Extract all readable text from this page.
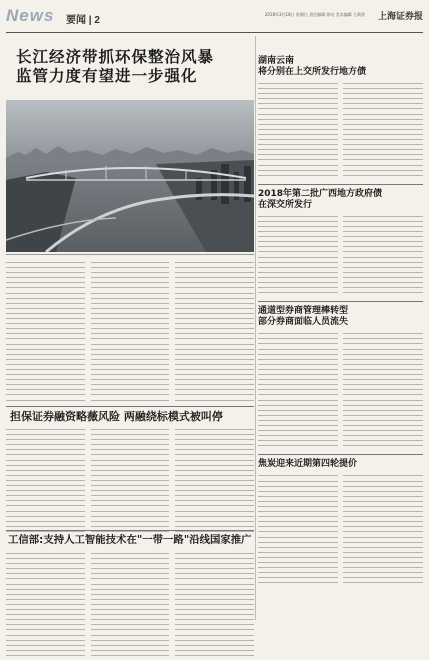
News 要闻 | 2
2018年3月18日 星期日 责任编辑 徐亮 美术编辑 王禹欣 上海证券报
长江经济带抓环保整治风暴
监管力度有望进一步强化
担保证券融资略薇风险 两融绕标模式被叫停
工信部:支持人工智能技术在"一带一路"沿线国家推广
湖南云南
将分别在上交所发行地方债
2018年第二批广西地方政府债
在深交所发行
通道型券商管理棒转型
部分券商面临人员流失
焦炭迎来近期第四轮提价
